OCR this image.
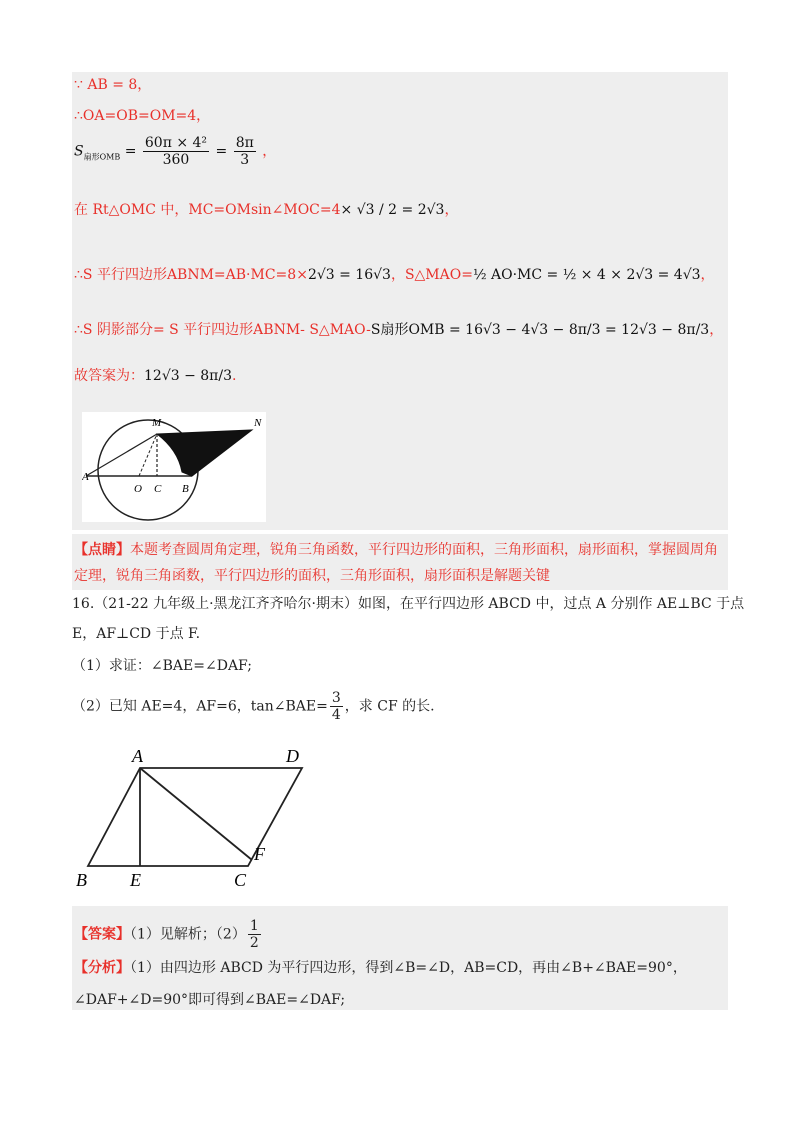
∵ AB = 8，
∴OA=OB=OM=4，
$S_{扇形OMB} = \frac{\text{60π × 4²}}{360} = \frac{8\pi}{3}$ ，
在 Rt△OMC 中，MC=OMsin∠MOC=4× √3 / 2 = 2√3，
∴S 平行四边形ABNM=AB·MC=8×2√3 = 16√3，S△MAO=½ AO·MC = ½ × 4 × 2√3 = 4√3，
∴S 阴影部分= S 平行四边形ABNM- S△MAO-S扇形OMB = 16√3 − 4√3 − 8π/3 = 12√3 − 8π/3，
故答案为：12√3 − 8π/3.
M	N
A
O C B
【点睛】本题考查圆周角定理，锐角三角函数，平行四边形的面积，三角形面积，扇形面积，掌握圆周角
定理，锐角三角函数，平行四边形的面积，三角形面积，扇形面积是解题关键
16.（21-22 九年级上·黑龙江齐齐哈尔·期末）如图，在平行四边形 ABCD 中，过点 A 分别作 AE⊥BC 于点
E，AF⊥CD 于点 F.
（1）求证：∠BAE=∠DAF;
（2）已知 AE=4，AF=6，tan∠BAE= $\frac{3}{4}$ ，求 CF 的长.
A	D
B E	C
F
【答案】（1）见解析；$(2) \frac{1}{2}$
【分析】（1）由四边形 ABCD 为平行四边形，得到∠B=∠D，AB=CD，再由∠B+∠BAE=90°，
∠DAF+∠D=90°即可得到∠BAE=∠DAF;
